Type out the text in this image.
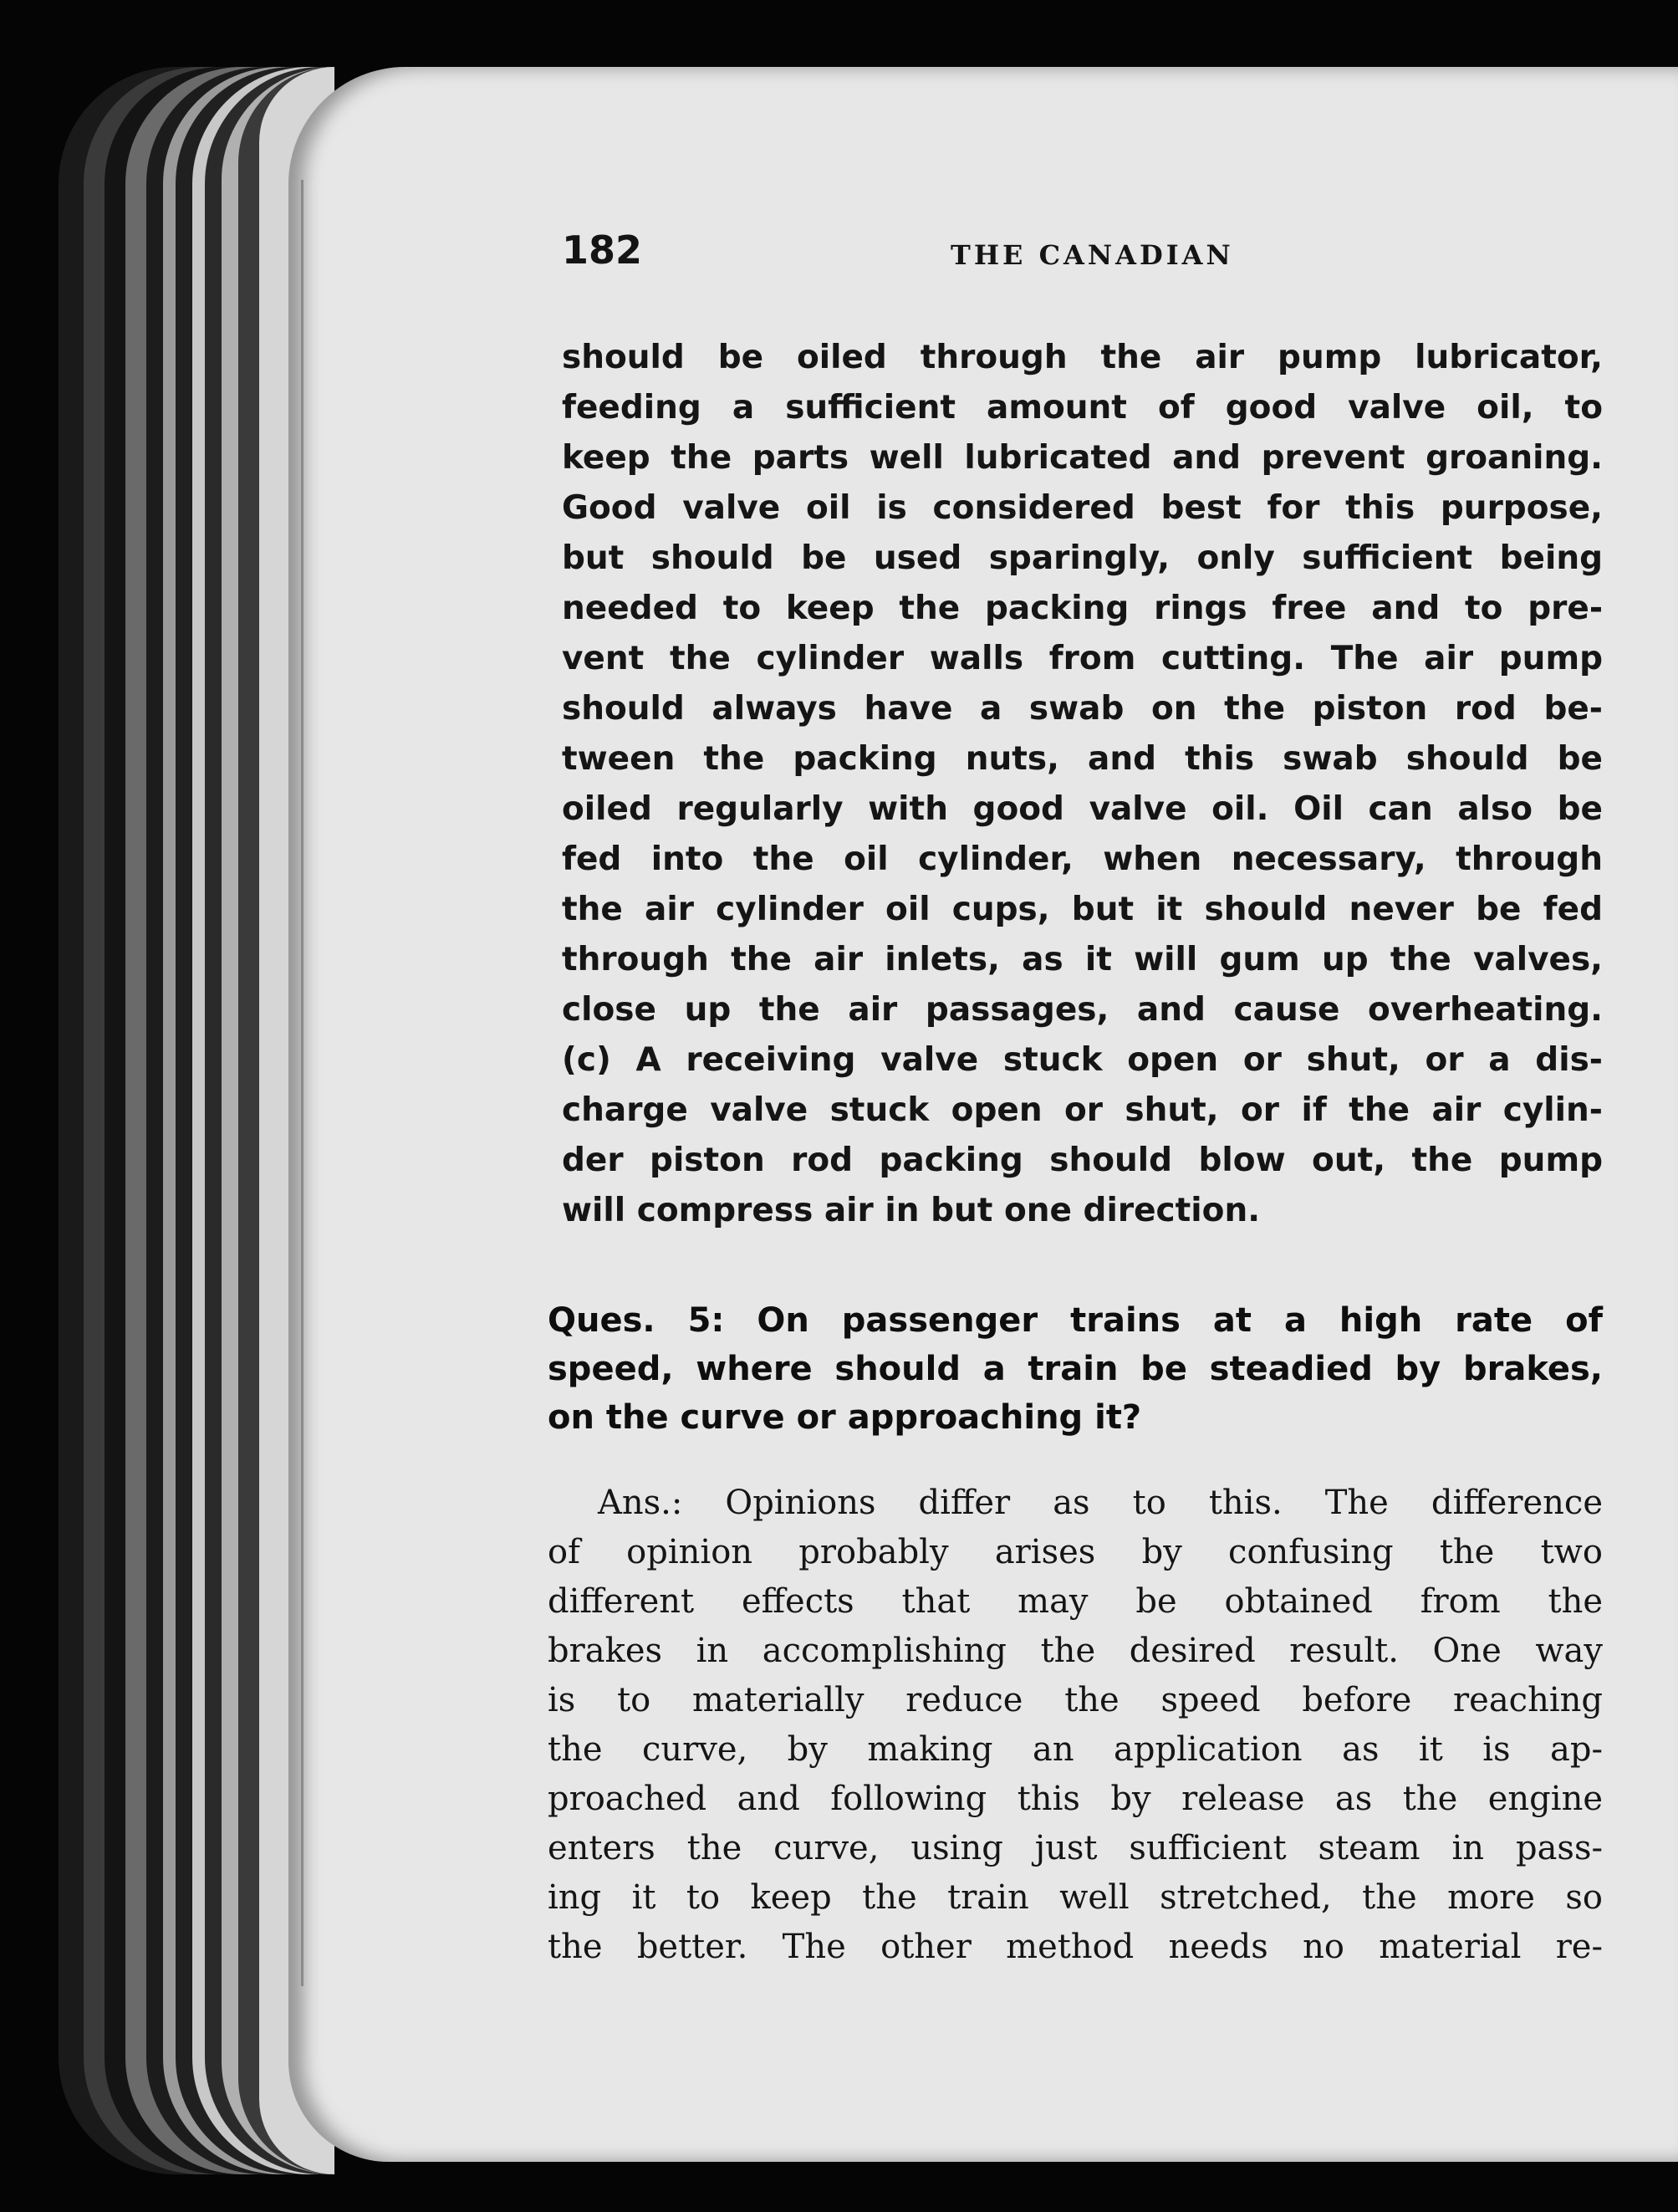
182	THE CANADIAN
should be oiled through the air pump lubricator,
feeding a sufficient amount of good valve oil, to
keep the parts well lubricated and prevent groaning.
Good valve oil is considered best for this purpose,
but should be used sparingly, only sufficient being
needed to keep the packing rings free and to pre-
vent the cylinder walls from cutting. The air pump
should always have a swab on the piston rod be-
tween the packing nuts, and this swab should be
oiled regularly with good valve oil. Oil can also be
fed into the oil cylinder, when necessary, through
the air cylinder oil cups, but it should never be fed
through the air inlets, as it will gum up the valves,
close up the air passages, and cause overheating.
(c) A receiving valve stuck open or shut, or a dis-
charge valve stuck open or shut, or if the air cylin-
der piston rod packing should blow out, the pump
will compress air in but one direction.
Ques. 5: On passenger trains at a high rate of
speed, where should a train be steadied by brakes,
on the curve or approaching it?
Ans.: Opinions differ as to this. The difference
of opinion probably arises by confusing the two
different effects that may be obtained from the
brakes in accomplishing the desired result. One way
is to materially reduce the speed before reaching
the curve, by making an application as it is ap-
proached and following this by release as the engine
enters the curve, using just sufficient steam in pass-
ing it to keep the train well stretched, the more so
the better. The other method needs no material re-
